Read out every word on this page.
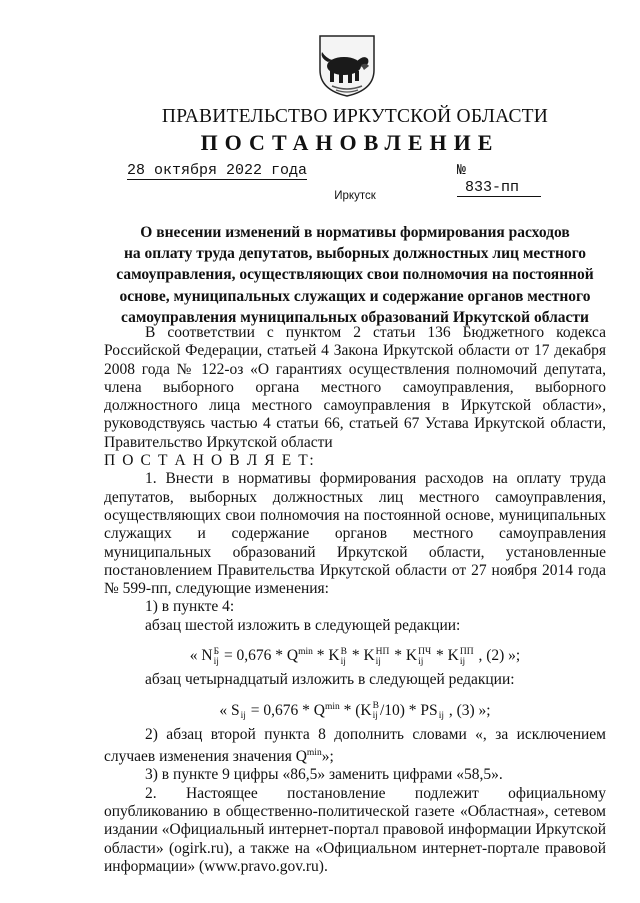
ПРАВИТЕЛЬСТВО ИРКУТСКОЙ ОБЛАСТИ
ПОСТАНОВЛЕНИЕ
28 октября 2022 года	№ 833-пп
Иркутск
О внесении изменений в нормативы формирования расходов
на оплату труда депутатов, выборных должностных лиц местного
самоуправления, осуществляющих свои полномочия на постоянной
основе, муниципальных служащих и содержание органов местного
самоуправления муниципальных образований Иркутской области

В соответствии с пунктом 2 статьи 136 Бюджетного кодекса Российской Федерации, статьей 4 Закона Иркутской области от 17 декабря 2008 года № 122-оз «О гарантиях осуществления полномочий депутата, члена выборного органа местного самоуправления, выборного должностного лица местного самоуправления в Иркутской области», руководствуясь частью 4 статьи 66, статьей 67 Устава Иркутской области, Правительство Иркутской области

П О С Т А Н О В Л Я Е Т:

1. Внести в нормативы формирования расходов на оплату труда депутатов, выборных должностных лиц местного самоуправления, осуществляющих свои полномочия на постоянной основе, муниципальных служащих и содержание органов местного самоуправления муниципальных образований Иркутской области, установленные постановлением Правительства Иркутской области от 27 ноября 2014 года № 599-пп, следующие изменения:

1) в пункте 4:

абзац шестой изложить в следующей редакции:

« N Б
ij = $0,676 * Q^{min}$ * K В
ij * K НП
ij * K ПЧ
ij * K ПП
ij , (2) »;

абзац четырнадцатый изложить в следующей редакции:

« S
ij = $0,676 * Q^{min} * (K$ В
ij /10) * PS
ij , (3) »;

2) абзац второй пункта 8 дополнить словами «, за исключением случаев изменения значения $Q^{min}$»;

3) в пункте 9 цифры «86,5» заменить цифрами «58,5».

2. Настоящее постановление подлежит официальному опубликованию в общественно-политической газете «Областная», сетевом издании «Официальный интернет-портал правовой информации Иркутской области» (ogirk.ru), а также на «Официальном интернет-портале правовой информации» (www.pravo.gov.ru).
